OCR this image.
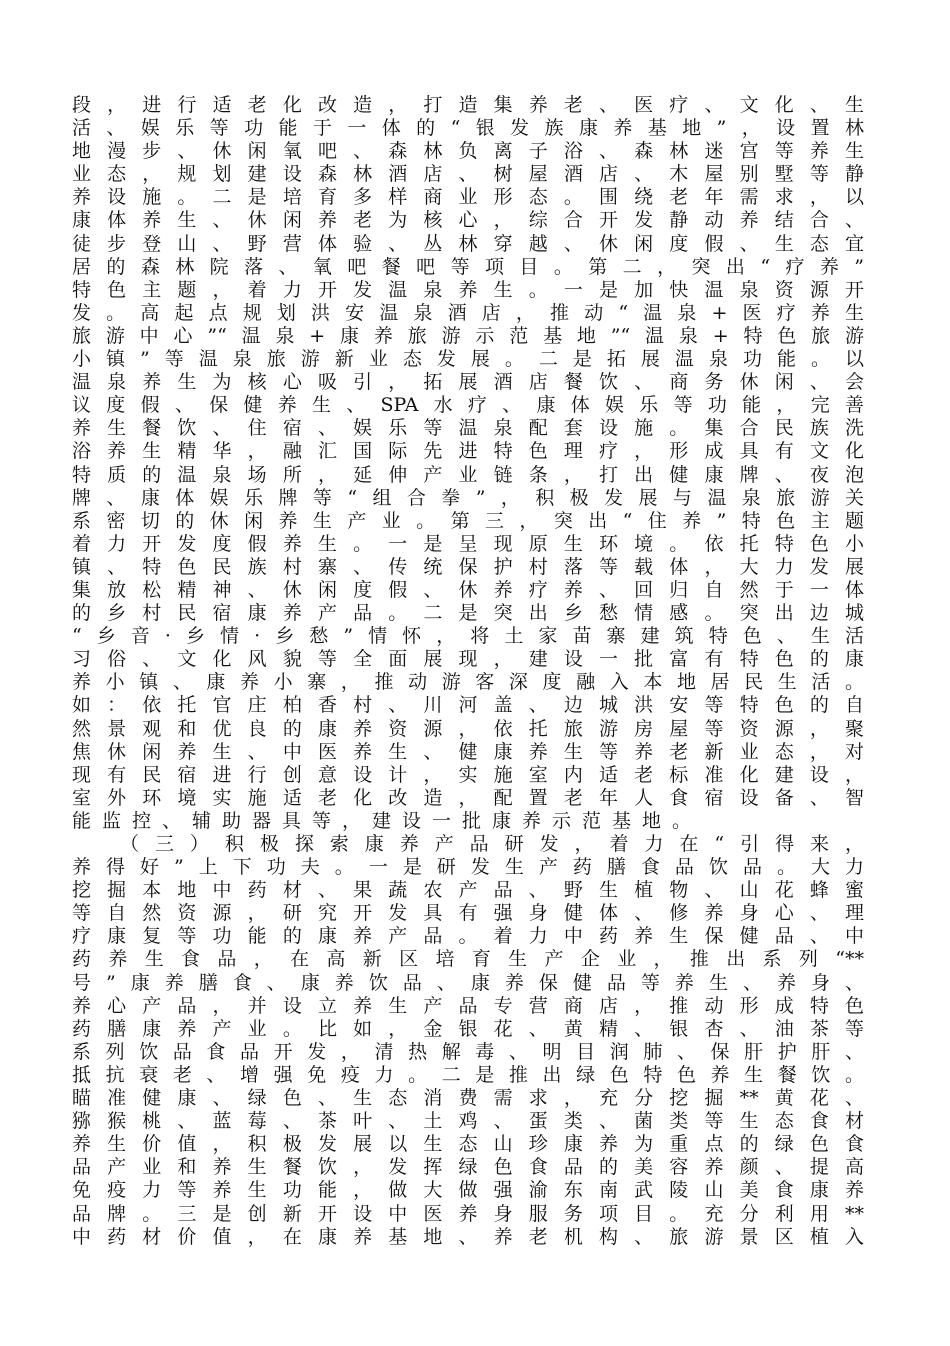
段，进行适老化改造，打造集养老、医疗、文化、生
活、娱乐等功能于一体的“银发族康养基地”，设置林
地漫步、休闲氧吧、森林负离子浴、森林迷宫等养生
业态，规划建设森林酒店、树屋酒店、木屋别墅等静
养设施。二是培育多样商业形态。围绕老年需求，以
康体养生、休闲养老为核心，综合开发静动养结合、
徒步登山、野营体验、丛林穿越、休闲度假、生态宜
居的森林院落、氧吧餐吧等项目。第二，突出“疗养”
特色主题，着力开发温泉养生。一是加快温泉资源开
发。高起点规划洪安温泉酒店，推动“温泉+医疗养生
旅游中心”“温泉+康养旅游示范基地”“温泉+特色旅游
小镇”等温泉旅游新业态发展。二是拓展温泉功能。以
温泉养生为核心吸引，拓展酒店餐饮、商务休闲、会
议度假、保健养生、SPA水疗、康体娱乐等功能，完善
养生餐饮、住宿、娱乐等温泉配套设施。集合民族洗
浴养生精华，融汇国际先进特色理疗，形成具有文化
特质的温泉场所，延伸产业链条，打出健康牌、夜泡
牌、康体娱乐牌等“组合拳”，积极发展与温泉旅游关
系密切的休闲养生产业。第三，突出“住养”特色主题
着力开发度假养生。一是呈现原生环境。依托特色小
镇、特色民族村寨、传统保护村落等载体，大力发展
集放松精神、休闲度假、休养疗养、回归自然于一体
的乡村民宿康养产品。二是突出乡愁情感。突出边城
“乡音·乡情·乡愁”情怀，将土家苗寨建筑特色、生活
习俗、文化风貌等全面展现，建设一批富有特色的康
养小镇、康养小寨，推动游客深度融入本地居民生活。
如：依托官庄柏香村、川河盖、边城洪安等特色的自
然景观和优良的康养资源，依托旅游房屋等资源，聚
焦休闲养生、中医养生、健康养生等养老新业态，对
现有民宿进行创意设计，实施室内适老标准化建设，
室外环境实施适老化改造，配置老年人食宿设备、智
能监控、辅助器具等，建设一批康养示范基地。
（三）积极探索康养产品研发，着力在“引得来，
养得好”上下功夫。一是研发生产药膳食品饮品。大力
挖掘本地中药材、果蔬农产品、野生植物、山花蜂蜜
等自然资源，研究开发具有强身健体、修养身心、理
疗康复等功能的康养产品。着力中药养生保健品、中
药养生食品，在高新区培育生产企业，推出系列“**
号”康养膳食、康养饮品、康养保健品等养生、养身、
养心产品，并设立养生产品专营商店，推动形成特色
药膳康养产业。比如，金银花、黄精、银杏、油茶等
系列饮品食品开发，清热解毒、明目润肺、保肝护肝、
抵抗衰老、增强免疫力。二是推出绿色特色养生餐饮。
瞄准健康、绿色、生态消费需求，充分挖掘**黄花、
猕猴桃、蓝莓、茶叶、土鸡、蛋类、菌类等生态食材
养生价值，积极发展以生态山珍康养为重点的绿色食
品产业和养生餐饮，发挥绿色食品的美容养颜、提高
免疫力等养生功能，做大做强渝东南武陵山美食康养
品牌。三是创新开设中医养身服务项目。充分利用**
中药材价值，在康养基地、养老机构、旅游景区植入
